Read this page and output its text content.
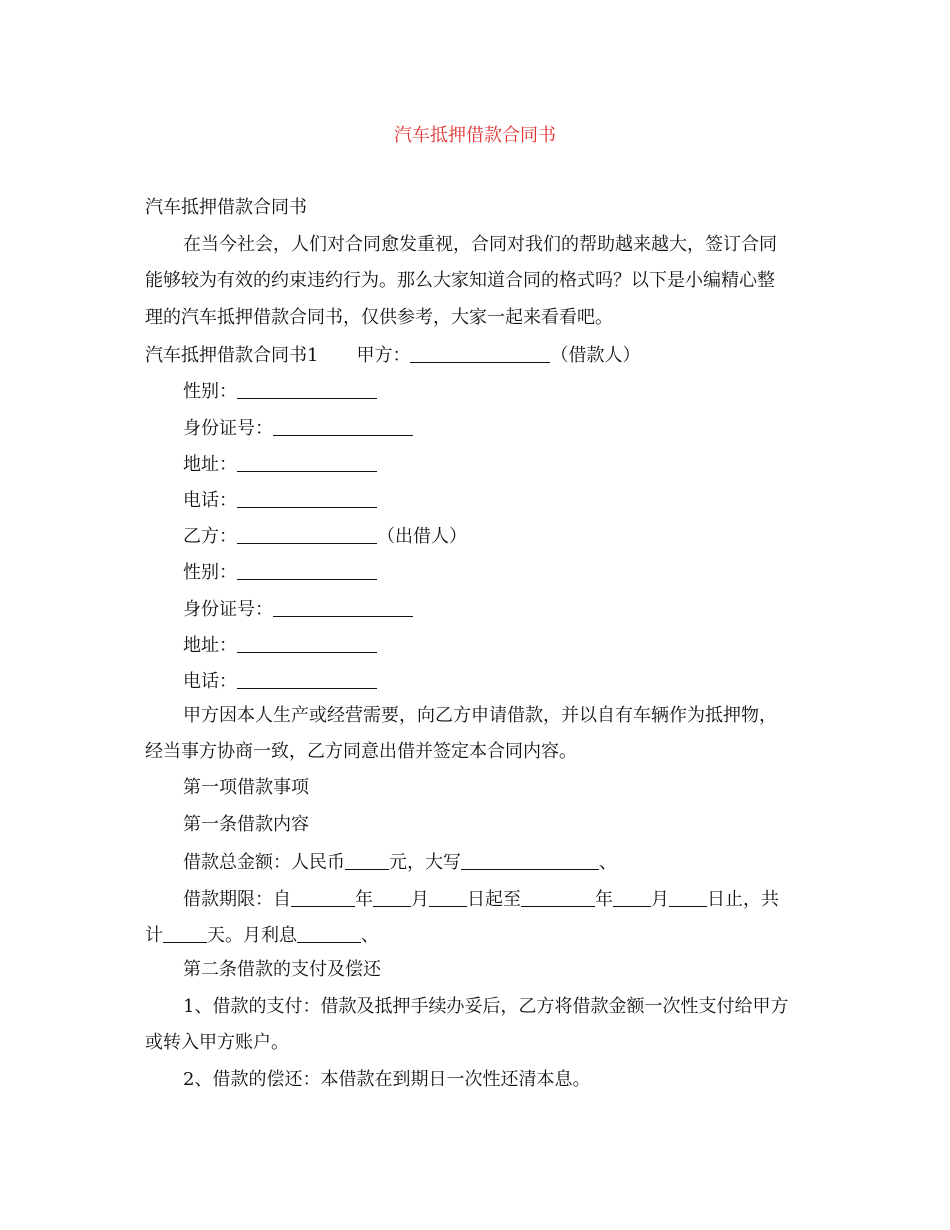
汽车抵押借款合同书
汽车抵押借款合同书
在当今社会，人们对合同愈发重视，合同对我们的帮助越来越大，签订合同
能够较为有效的约束违约行为。那么大家知道合同的格式吗？以下是小编精心整
理的汽车抵押借款合同书，仅供参考，大家一起来看看吧。
汽车抵押借款合同书1 甲方：	（借款人）
性别：
身份证号：
地址：
电话：
乙方：	（出借人）
性别：
身份证号：
地址：
电话：
甲方因本人生产或经营需要，向乙方申请借款，并以自有车辆作为抵押物，
经当事方协商一致，乙方同意出借并签定本合同内容。
第一项借款事项
第一条借款内容
借款总金额：人民币 元，大写	、
借款期限：自	年 月 日起至	年 月 日止，共
计 天。月利息	、
第二条借款的支付及偿还
1、借款的支付：借款及抵押手续办妥后，乙方将借款金额一次性支付给甲方
或转入甲方账户。
2、借款的偿还：本借款在到期日一次性还清本息。
